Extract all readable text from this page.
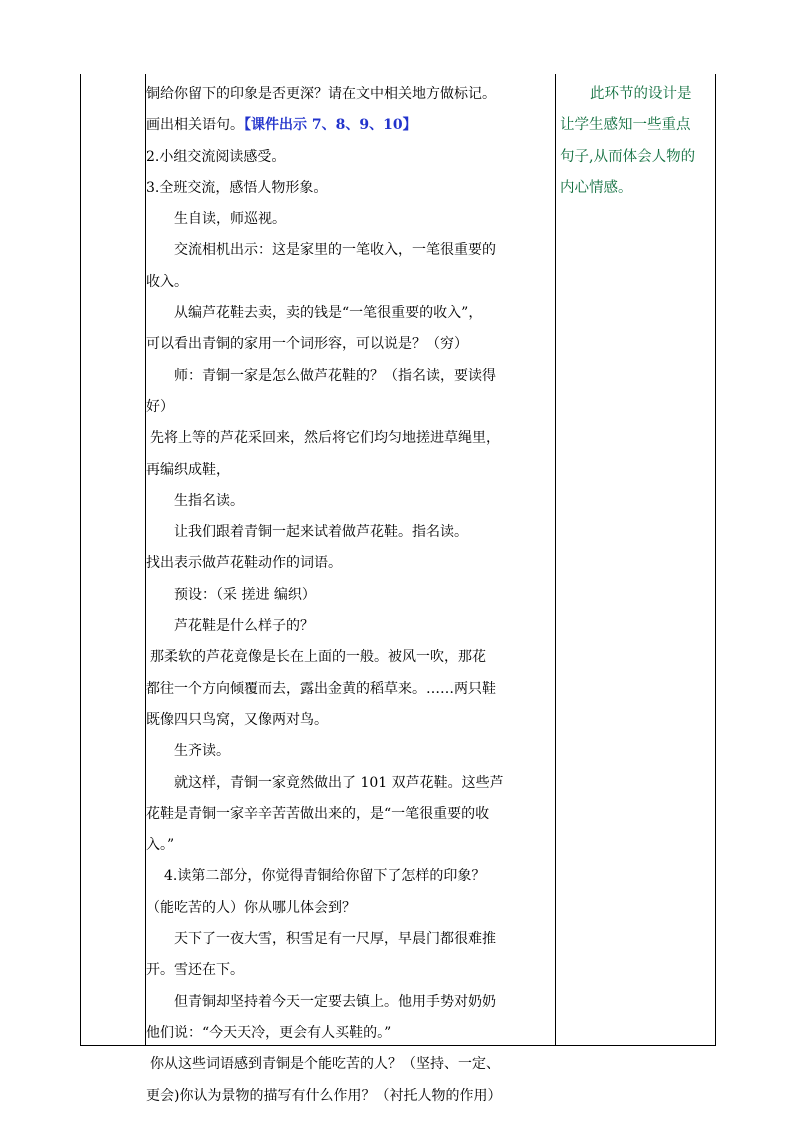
铜给你留下的印象是否更深？请在文中相关地方做标记。
画出相关语句。【课件出示 7、8、9、10】
2.小组交流阅读感受。
3.全班交流，感悟人物形象。
生自读，师巡视。
交流相机出示：这是家里的一笔收入，一笔很重要的
收入。
从编芦花鞋去卖，卖的钱是“一笔很重要的收入”，
可以看出青铜的家用一个词形容，可以说是？（穷）
师：青铜一家是怎么做芦花鞋的？（指名读，要读得
好）
先将上等的芦花采回来，然后将它们均匀地搓进草绳里，
再编织成鞋，
生指名读。
让我们跟着青铜一起来试着做芦花鞋。指名读。
找出表示做芦花鞋动作的词语。
预设：（采 搓进 编织）
芦花鞋是什么样子的？
那柔软的芦花竟像是长在上面的一般。被风一吹，那花
都往一个方向倾覆而去，露出金黄的稻草来。……两只鞋
既像四只鸟窝，又像两对鸟。
生齐读。
就这样，青铜一家竟然做出了 101 双芦花鞋。这些芦
花鞋是青铜一家辛辛苦苦做出来的，是“一笔很重要的收
入。”
4.读第二部分，你觉得青铜给你留下了怎样的印象？
（能吃苦的人）你从哪儿体会到？
天下了一夜大雪，积雪足有一尺厚，早晨门都很难推
开。雪还在下。
但青铜却坚持着今天一定要去镇上。他用手势对奶奶
他们说：“今天天冷，更会有人买鞋的。”
你从这些词语感到青铜是个能吃苦的人？（坚持、一定、
更会)你认为景物的描写有什么作用？（衬托人物的作用）
此环节的设计是
让学生感知一些重点
句子,从而体会人物的
内心情感。
